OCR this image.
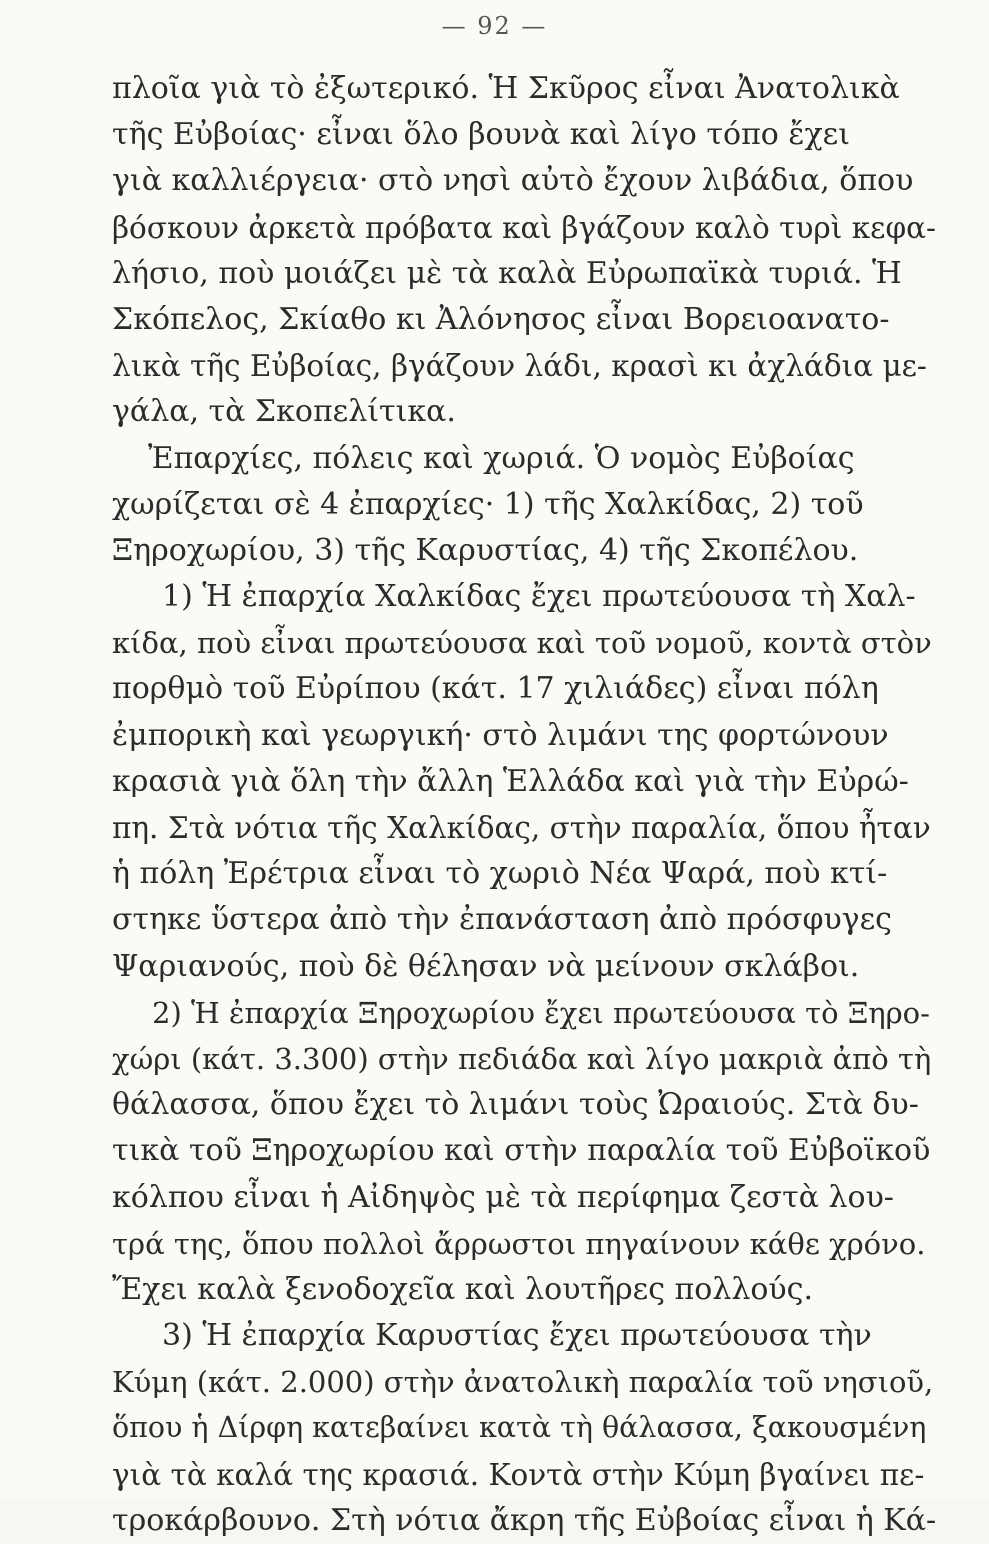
— 92 —
πλοῖα γιὰ τὸ ἐξωτερικό. Ἡ Σκῦρος εἶναι Ἀνατολικὰ
τῆς Εὐβοίας· εἶναι ὅλο βουνὰ καὶ λίγο τόπο ἔχει
γιὰ καλλιέργεια· στὸ νησὶ αὐτὸ ἔχουν λιβάδια, ὅπου
βόσκουν ἀρκετὰ πρόβατα καὶ βγάζουν καλὸ τυρὶ κεφα-
λήσιο, ποὺ μοιάζει μὲ τὰ καλὰ Εὐρωπαϊκὰ τυριά. Ἡ
Σκόπελος, Σκίαθο κι Ἀλόνησος εἶναι Βορειοανατο-
λικὰ τῆς Εὐβοίας, βγάζουν λάδι, κρασὶ κι ἀχλάδια με-
γάλα, τὰ Σκοπελίτικα.
Ἐπαρχίες, πόλεις καὶ χωριά. Ὁ νομὸς Εὐβοίας
χωρίζεται σὲ 4 ἐπαρχίες· 1) τῆς Χαλκίδας, 2) τοῦ
Ξηροχωρίου, 3) τῆς Καρυστίας, 4) τῆς Σκοπέλου.
1) Ἡ ἐπαρχία Χαλκίδας ἔχει πρωτεύουσα τὴ Χαλ-
κίδα, ποὺ εἶναι πρωτεύουσα καὶ τοῦ νομοῦ, κοντὰ στὸν
πορθμὸ τοῦ Εὐρίπου (κάτ. 17 χιλιάδες) εἶναι πόλη
ἐμπορικὴ καὶ γεωργική· στὸ λιμάνι της φορτώνουν
κρασιὰ γιὰ ὅλη τὴν ἄλλη Ἑλλάδα καὶ γιὰ τὴν Εὐρώ-
πη. Στὰ νότια τῆς Χαλκίδας, στὴν παραλία, ὅπου ἦταν
ἡ πόλη Ἐρέτρια εἶναι τὸ χωριὸ Νέα Ψαρά, ποὺ κτί-
στηκε ὕστερα ἀπὸ τὴν ἐπανάσταση ἀπὸ πρόσφυγες
Ψαριανούς, ποὺ δὲ θέλησαν νὰ μείνουν σκλάβοι.
2) Ἡ ἐπαρχία Ξηροχωρίου ἔχει πρωτεύουσα τὸ Ξηρο-
χώρι (κάτ. 3.300) στὴν πεδιάδα καὶ λίγο μακριὰ ἀπὸ τὴ
θάλασσα, ὅπου ἔχει τὸ λιμάνι τοὺς Ὠραιούς. Στὰ δυ-
τικὰ τοῦ Ξηροχωρίου καὶ στὴν παραλία τοῦ Εὐβοϊκοῦ
κόλπου εἶναι ἡ Αἰδηψὸς μὲ τὰ περίφημα ζεστὰ λου-
τρά της, ὅπου πολλοὶ ἄρρωστοι πηγαίνουν κάθε χρόνο.
Ἔχει καλὰ ξενοδοχεῖα καὶ λουτῆρες πολλούς.
3) Ἡ ἐπαρχία Καρυστίας ἔχει πρωτεύουσα τὴν
Κύμη (κάτ. 2.000) στὴν ἀνατολικὴ παραλία τοῦ νησιοῦ,
ὅπου ἡ Δίρφη κατεβαίνει κατὰ τὴ θάλασσα, ξακουσμένη
γιὰ τὰ καλά της κρασιά. Κοντὰ στὴν Κύμη βγαίνει πε-
τροκάρβουνο. Στὴ νότια ἄκρη τῆς Εὐβοίας εἶναι ἡ Κά-
